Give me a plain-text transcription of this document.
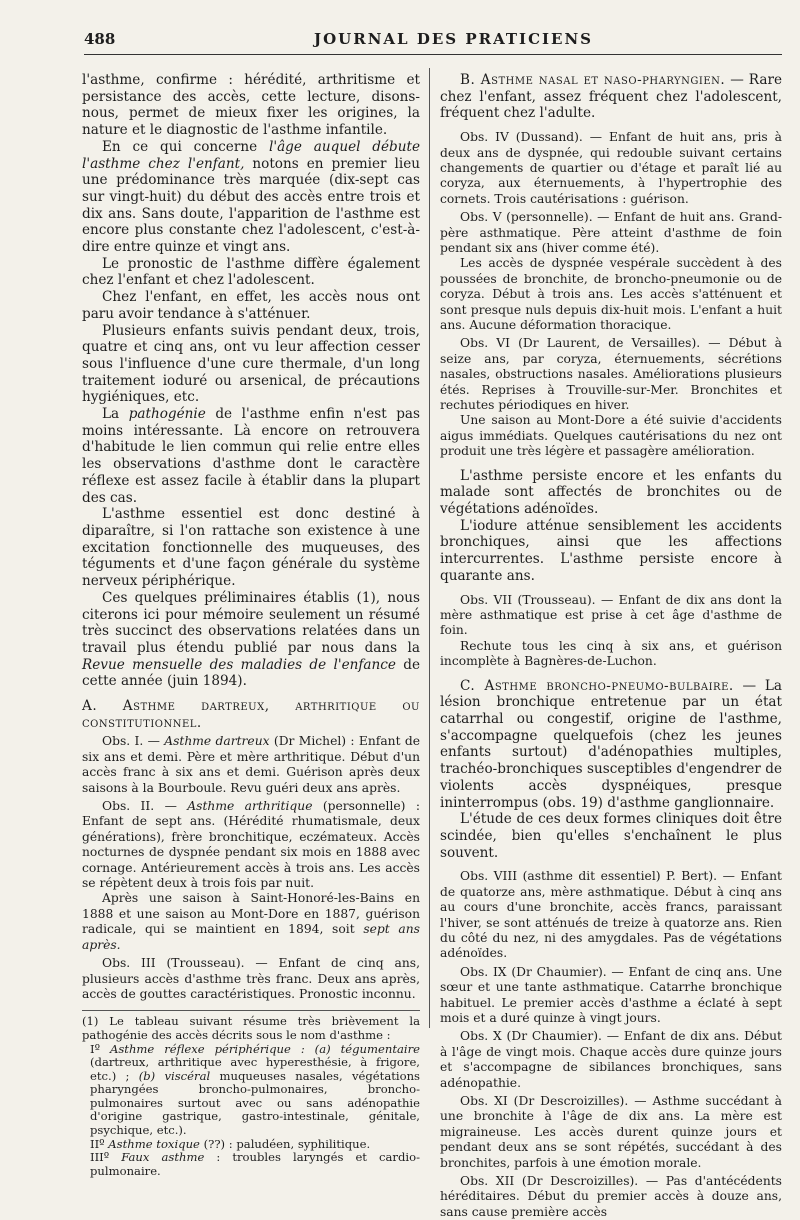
488	JOURNAL DES PRATICIENS

l'asthme, confirme : hérédité, arthritisme et persistance des accès, cette lecture, disons-nous, permet de mieux fixer les origines, la nature et le diagnostic de l'asthme infantile.

En ce qui concerne l'âge auquel débute l'asthme chez l'enfant, notons en premier lieu une prédominance très marquée (dix-sept cas sur vingt-huit) du début des accès entre trois et dix ans. Sans doute, l'apparition de l'asthme est encore plus constante chez l'adolescent, c'est-à-dire entre quinze et vingt ans.

Le pronostic de l'asthme diffère également chez l'enfant et chez l'adolescent.

Chez l'enfant, en effet, les accès nous ont paru avoir tendance à s'atténuer.

Plusieurs enfants suivis pendant deux, trois, quatre et cinq ans, ont vu leur affection cesser sous l'influence d'une cure thermale, d'un long traitement ioduré ou arsenical, de précautions hygiéniques, etc.

La pathogénie de l'asthme enfin n'est pas moins intéressante. Là encore on retrouvera d'habitude le lien commun qui relie entre elles les observations d'asthme dont le caractère réflexe est assez facile à établir dans la plupart des cas.

L'asthme essentiel est donc destiné à diparaître, si l'on rattache son existence à une excitation fonctionnelle des muqueuses, des téguments et d'une façon générale du système nerveux périphérique.

Ces quelques préliminaires établis (1), nous citerons ici pour mémoire seulement un résumé très succinct des observations relatées dans un travail plus étendu publié par nous dans la Revue mensuelle des maladies de l'enfance de cette année (juin 1894).

A. Asthme dartreux, arthritique ou constitutionnel.

Obs. I. — Asthme dartreux (Dr Michel) : Enfant de six ans et demi. Père et mère arthritique. Début d'un accès franc à six ans et demi. Guérison après deux saisons à la Bourboule. Revu guéri deux ans après.

Obs. II. — Asthme arthritique (personnelle) : Enfant de sept ans. (Hérédité rhumatismale, deux générations), frère bronchitique, eczémateux. Accès nocturnes de dyspnée pendant six mois en 1888 avec cornage. Antérieurement accès à trois ans. Les accès se répètent deux à trois fois par nuit.

Après une saison à Saint-Honoré-les-Bains en 1888 et une saison au Mont-Dore en 1887, guérison radicale, qui se maintient en 1894, soit sept ans après.

Obs. III (Trousseau). — Enfant de cinq ans, plusieurs accès d'asthme très franc. Deux ans après, accès de gouttes caractéristiques. Pronostic inconnu.

(1) Le tableau suivant résume très brièvement la pathogénie des accès décrits sous le nom d'asthme :

Iº Asthme réflexe périphérique : (a) tégumentaire (dartreux, arthritique avec hyperesthésie, à frigore, etc.) ; (b) viscéral muqueuses nasales, végétations pharyngées broncho-pulmonaires, broncho-pulmonaires surtout avec ou sans adénopathie d'origine gastrique, gastro-intestinale, génitale, psychique, etc.).

IIº Asthme toxique (??) : paludéen, syphilitique.

IIIº Faux asthme : troubles laryngés et cardio-pulmonaire.

B. Asthme nasal et naso-pharyngien. — Rare chez l'enfant, assez fréquent chez l'adolescent, fréquent chez l'adulte.

Obs. IV (Dussand). — Enfant de huit ans, pris à deux ans de dyspnée, qui redouble suivant certains changements de quartier ou d'étage et paraît lié au coryza, aux éternuements, à l'hypertrophie des cornets. Trois cautérisations : guérison.

Obs. V (personnelle). — Enfant de huit ans. Grand-père asthmatique. Père atteint d'asthme de foin pendant six ans (hiver comme été).

Les accès de dyspnée vespérale succèdent à des poussées de bronchite, de broncho-pneumonie ou de coryza. Début à trois ans. Les accès s'atténuent et sont presque nuls depuis dix-huit mois. L'enfant a huit ans. Aucune déformation thoracique.

Obs. VI (Dr Laurent, de Versailles). — Début à seize ans, par coryza, éternuements, sécrétions nasales, obstructions nasales. Améliorations plusieurs étés. Reprises à Trouville-sur-Mer. Bronchites et rechutes périodiques en hiver.

Une saison au Mont-Dore a été suivie d'accidents aigus immédiats. Quelques cautérisations du nez ont produit une très légère et passagère amélioration.

L'asthme persiste encore et les enfants du malade sont affectés de bronchites ou de végétations adénoïdes.

L'iodure atténue sensiblement les accidents bronchiques, ainsi que les affections intercurrentes. L'asthme persiste encore à quarante ans.

Obs. VII (Trousseau). — Enfant de dix ans dont la mère asthmatique est prise à cet âge d'asthme de foin.

Rechute tous les cinq à six ans, et guérison incomplète à Bagnères-de-Luchon.

C. Asthme broncho-pneumo-bulbaire. — La lésion bronchique entretenue par un état catarrhal ou congestif, origine de l'asthme, s'accompagne quelquefois (chez les jeunes enfants surtout) d'adénopathies multiples, trachéo-bronchiques susceptibles d'engendrer de violents accès dyspnéiques, presque ininterrompus (obs. 19) d'asthme ganglionnaire.

L'étude de ces deux formes cliniques doit être scindée, bien qu'elles s'enchaînent le plus souvent.

Obs. VIII (asthme dit essentiel) P. Bert). — Enfant de quatorze ans, mère asthmatique. Début à cinq ans au cours d'une bronchite, accès francs, paraissant l'hiver, se sont atténués de treize à quatorze ans. Rien du côté du nez, ni des amygdales. Pas de végétations adénoïdes.

Obs. IX (Dr Chaumier). — Enfant de cinq ans. Une sœur et une tante asthmatique. Catarrhe bronchique habituel. Le premier accès d'asthme a éclaté à sept mois et a duré quinze à vingt jours.

Obs. X (Dr Chaumier). — Enfant de dix ans. Début à l'âge de vingt mois. Chaque accès dure quinze jours et s'accompagne de sibilances bronchiques, sans adénopathie.

Obs. XI (Dr Descroizilles). — Asthme succédant à une bronchite à l'âge de dix ans. La mère est migraineuse. Les accès durent quinze jours et pendant deux ans se sont répétés, succédant à des bronchites, parfois à une émotion morale.

Obs. XII (Dr Descroizilles). — Pas d'antécédents héréditaires. Début du premier accès à douze ans, sans cause première accès
